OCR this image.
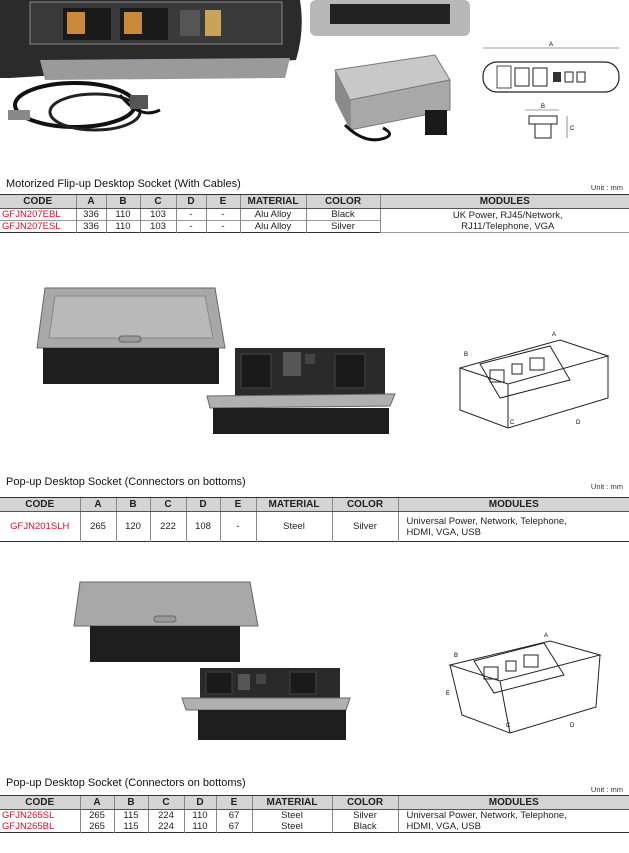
A
B
C
Motorized Flip-up Desktop Socket (With Cables)	Unit : mm
CODE	A	B	C	D	E	MATERIAL	COLOR	MODULES
GFJN207EBL	336	110	103	-	-	Alu Alloy	Black	UK Power, RJ45/Network,
RJ11/Telephone, VGA

GFJN207ESL	336	110	103	-	-	Alu Alloy	Silver	
B
A
C	D
Pop-up Desktop Socket (Connectors on bottoms)	Unit : mm
CODE	A	B	C	D	E	MATERIAL	COLOR	MODULES
GFJN201SLH	265	120	222	108	-	Steel	Silver	Universal Power, Network, Telephone,
HDMI, VGA, USB
B
A
E
C	D
Pop-up Desktop Socket (Connectors on bottoms)
Unit : mm
CODE	A	B	C	D	E	MATERIAL	COLOR	MODULES
GFJN265SL	265	115	224	110	67	Steel	Silver	Universal Power, Network, Telephone,
HDMI, VGA, USB

GFJN265BL	265	115	224	110	67	Steel	Black	
